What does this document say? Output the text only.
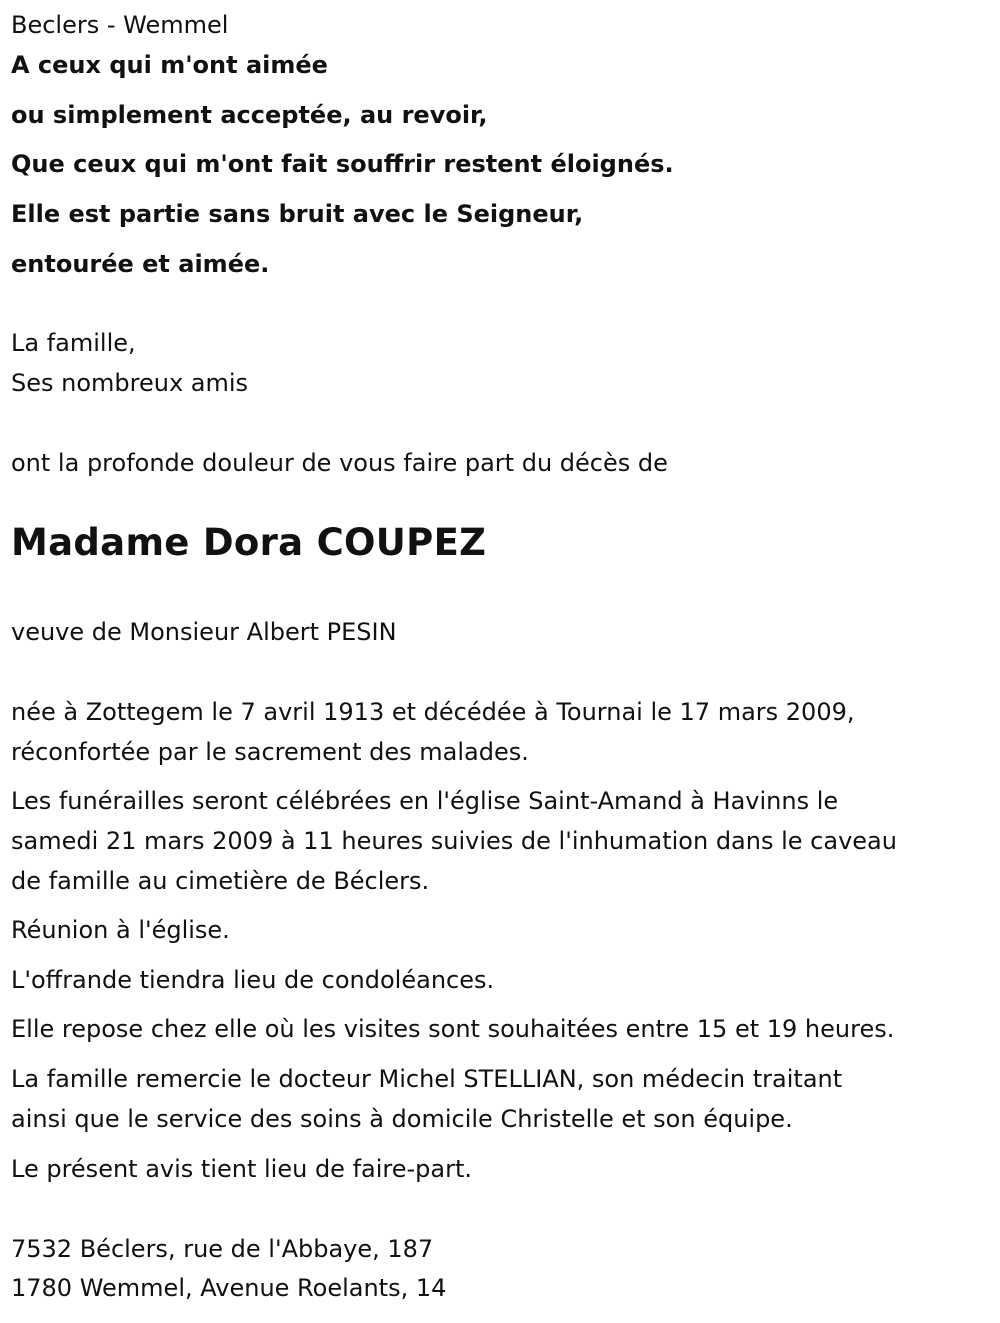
Beclers - Wemmel

A ceux qui m'ont aimée

ou simplement acceptée, au revoir,

Que ceux qui m'ont fait souffrir restent éloignés.

Elle est partie sans bruit avec le Seigneur,

entourée et aimée.

La famille,

Ses nombreux amis

ont la profonde douleur de vous faire part du décès de

Madame Dora COUPEZ

veuve de Monsieur Albert PESIN

née à Zottegem le 7 avril 1913 et décédée à Tournai le 17 mars 2009,

réconfortée par le sacrement des malades.

Les funérailles seront célébrées en l'église Saint-Amand à Havinns le

samedi 21 mars 2009 à 11 heures suivies de l'inhumation dans le caveau

de famille au cimetière de Béclers.

Réunion à l'église.

L'offrande tiendra lieu de condoléances.

Elle repose chez elle où les visites sont souhaitées entre 15 et 19 heures.

La famille remercie le docteur Michel STELLIAN, son médecin traitant

ainsi que le service des soins à domicile Christelle et son équipe.

Le présent avis tient lieu de faire-part.

7532 Béclers, rue de l'Abbaye, 187

1780 Wemmel, Avenue Roelants, 14
